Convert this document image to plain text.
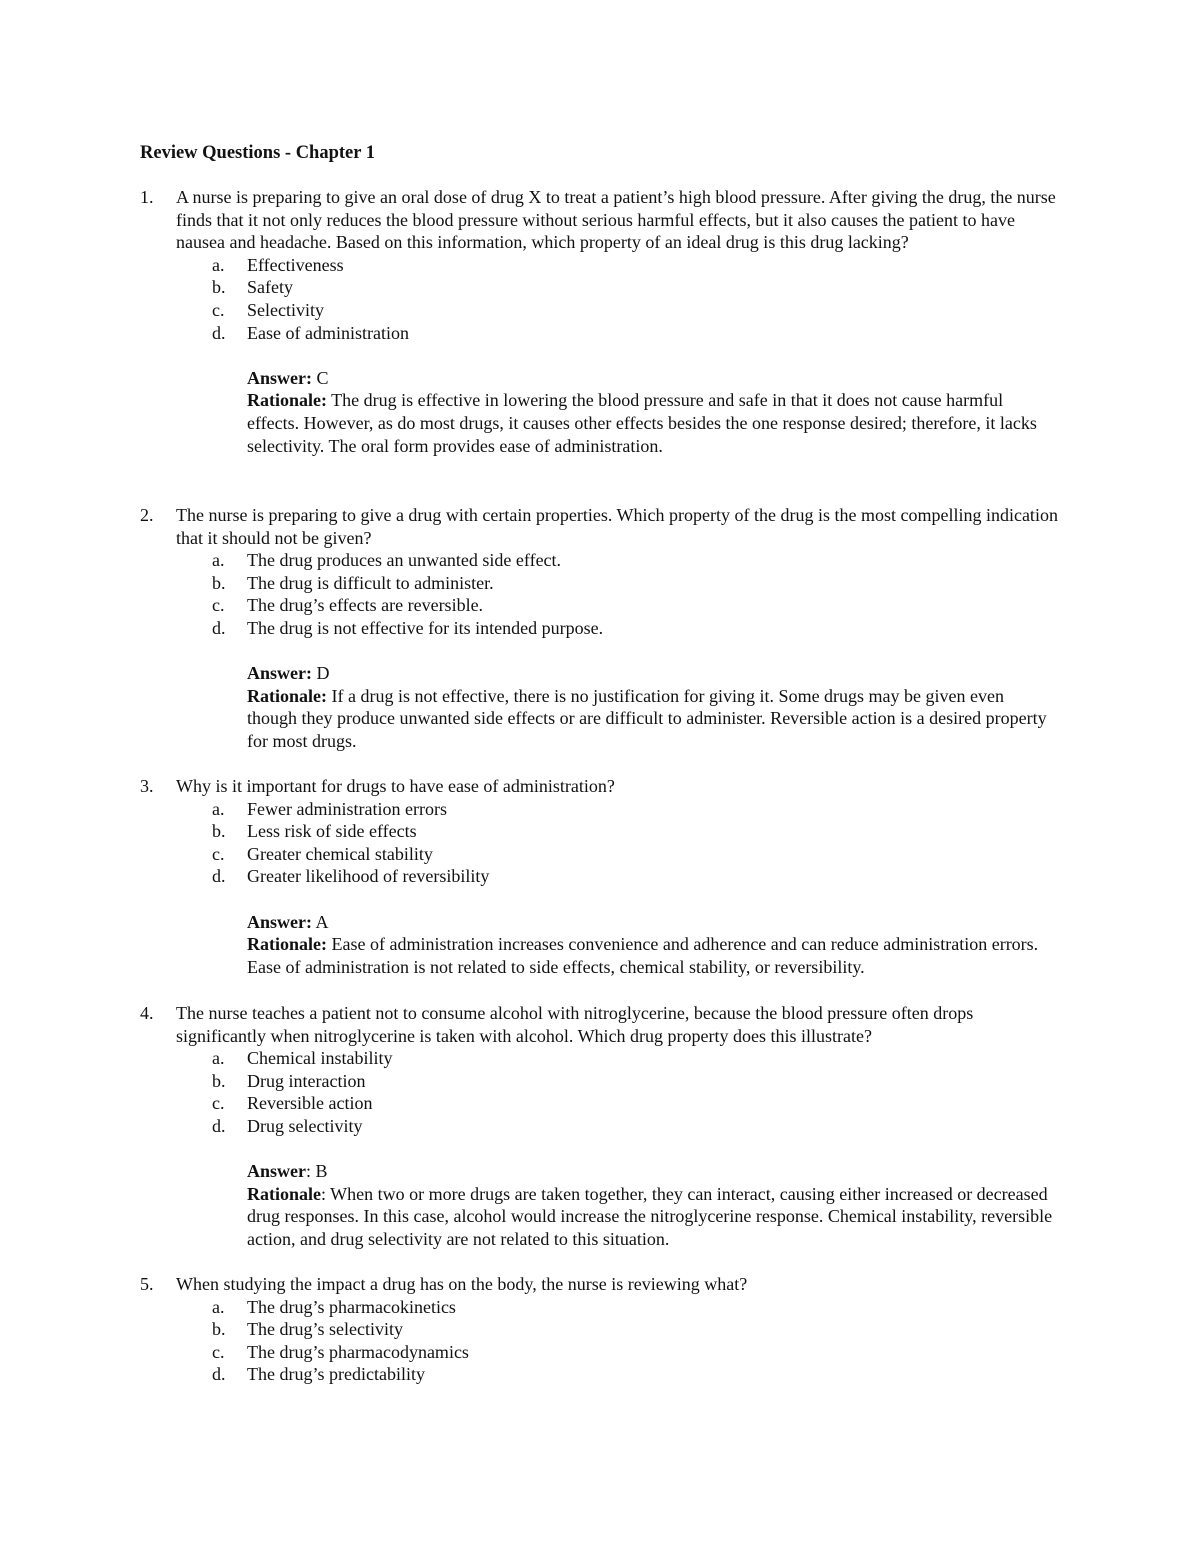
Review Questions - Chapter 1
1.	A nurse is preparing to give an oral dose of drug X to treat a patient’s high blood pressure. After giving the drug, the nurse finds that it not only reduces the blood pressure without serious harmful effects, but it also causes the patient to have nausea and headache. Based on this information, which property of an ideal drug is this drug lacking?
a.	Effectiveness
b.	Safety
c.	Selectivity
d.	Ease of administration
Answer: C
Rationale: The drug is effective in lowering the blood pressure and safe in that it does not cause harmful effects. However, as do most drugs, it causes other effects besides the one response desired; therefore, it lacks selectivity. The oral form provides ease of administration.
2.	The nurse is preparing to give a drug with certain properties. Which property of the drug is the most compelling indication that it should not be given?
a.	The drug produces an unwanted side effect.
b.	The drug is difficult to administer.
c.	The drug’s effects are reversible.
d.	The drug is not effective for its intended purpose.
Answer: D
Rationale: If a drug is not effective, there is no justification for giving it. Some drugs may be given even though they produce unwanted side effects or are difficult to administer. Reversible action is a desired property for most drugs.
3.	Why is it important for drugs to have ease of administration?
a.	Fewer administration errors
b.	Less risk of side effects
c.	Greater chemical stability
d.	Greater likelihood of reversibility
Answer: A
Rationale: Ease of administration increases convenience and adherence and can reduce administration errors. Ease of administration is not related to side effects, chemical stability, or reversibility.
4.	The nurse teaches a patient not to consume alcohol with nitroglycerine, because the blood pressure often drops significantly when nitroglycerine is taken with alcohol. Which drug property does this illustrate?
a.	Chemical instability
b.	Drug interaction
c.	Reversible action
d.	Drug selectivity
Answer: B
Rationale: When two or more drugs are taken together, they can interact, causing either increased or decreased drug responses. In this case, alcohol would increase the nitroglycerine response. Chemical instability, reversible action, and drug selectivity are not related to this situation.
5.	When studying the impact a drug has on the body, the nurse is reviewing what?
a.	The drug’s pharmacokinetics
b.	The drug’s selectivity
c.	The drug’s pharmacodynamics
d.	The drug’s predictability
